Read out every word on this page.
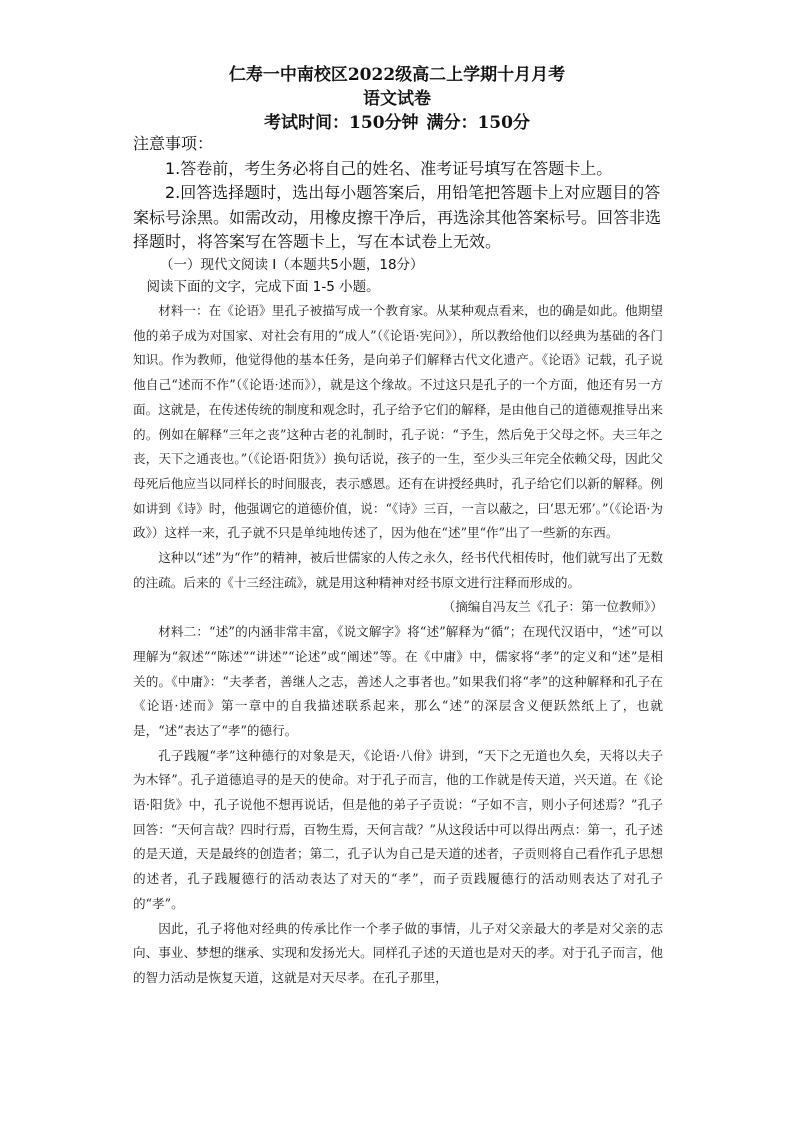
仁寿一中南校区2022级高二上学期十月月考
语文试卷
考试时间：150分钟 满分：150分
注意事项：
1.答卷前，考生务必将自己的姓名、准考证号填写在答题卡上。
2.回答选择题时，选出每小题答案后，用铅笔把答题卡上对应题目的答案标号涂黑。如需改动，用橡皮擦干净后，再选涂其他答案标号。回答非选择题时，将答案写在答题卡上，写在本试卷上无效。
（一）现代文阅读 I（本题共5小题，18分）
阅读下面的文字，完成下面 1-5 小题。

材料一：在《论语》里孔子被描写成一个教育家。从某种观点看来，也的确是如此。他期望他的弟子成为对国家、对社会有用的“成人”（《论语·宪问》），所以教给他们以经典为基础的各门知识。作为教师，他觉得他的基本任务，是向弟子们解释古代文化遗产。《论语》记载，孔子说他自己“述而不作”（《论语·述而》），就是这个缘故。不过这只是孔子的一个方面，他还有另一方面。这就是，在传述传统的制度和观念时，孔子给予它们的解释，是由他自己的道德观推导出来的。例如在解释“三年之丧”这种古老的礼制时，孔子说：“予生，然后免于父母之怀。夫三年之丧，天下之通丧也。”（《论语·阳货》）换句话说，孩子的一生，至少头三年完全依赖父母，因此父母死后他应当以同样长的时间服丧，表示感恩。还有在讲授经典时，孔子给它们以新的解释。例如讲到《诗》时，他强调它的道德价值，说：“《诗》三百，一言以蔽之，曰‘思无邪’。”（《论语·为政》）这样一来，孔子就不只是单纯地传述了，因为他在“述”里“作”出了一些新的东西。

这种以“述”为“作”的精神，被后世儒家的人传之永久，经书代代相传时，他们就写出了无数的注疏。后来的《十三经注疏》，就是用这种精神对经书原文进行注释而形成的。

（摘编自冯友兰《孔子：第一位教师》）

材料二：“述”的内涵非常丰富，《说文解字》将“述”解释为“循”；在现代汉语中，“述”可以理解为“叙述”“陈述”“讲述”“论述”或“阐述”等。在《中庸》中，儒家将“孝”的定义和“述”是相关的。《中庸》：“夫孝者，善继人之志，善述人之事者也。”如果我们将“孝”的这种解释和孔子在《论语·述而》第一章中的自我描述联系起来，那么“述”的深层含义便跃然纸上了，也就是，“述”表达了“孝”的德行。

孔子践履“孝”这种德行的对象是天，《论语·八佾》讲到，“天下之无道也久矣，天将以夫子为木铎”。孔子道德追寻的是天的使命。对于孔子而言，他的工作就是传天道，兴天道。在《论语·阳货》中，孔子说他不想再说话，但是他的弟子子贡说：“子如不言，则小子何述焉？”孔子回答：“天何言哉？四时行焉，百物生焉，天何言哉？”从这段话中可以得出两点：第一，孔子述的是天道，天是最终的创造者；第二，孔子认为自己是天道的述者，子贡则将自己看作孔子思想的述者，孔子践履德行的活动表达了对天的“孝”，而子贡践履德行的活动则表达了对孔子的“孝”。

因此，孔子将他对经典的传承比作一个孝子做的事情，儿子对父亲最大的孝是对父亲的志向、事业、梦想的继承、实现和发扬光大。同样孔子述的天道也是对天的孝。对于孔子而言，他的智力活动是恢复天道，这就是对天尽孝。在孔子那里，
